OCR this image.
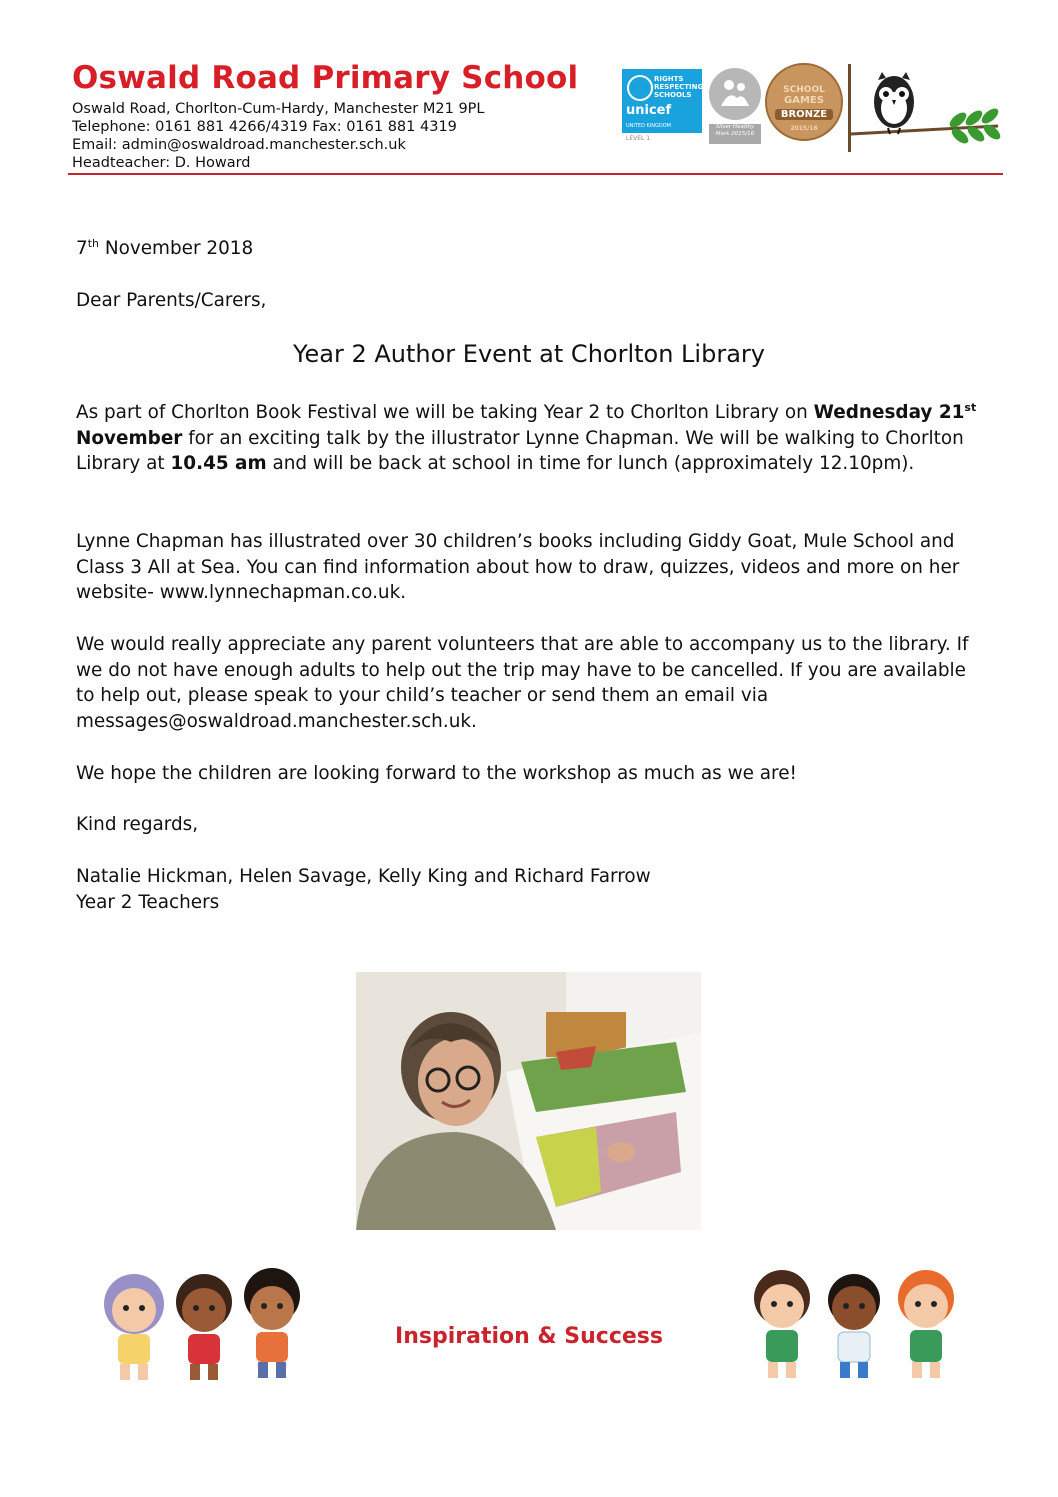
Oswald Road Primary School
Oswald Road, Chorlton-Cum-Hardy, Manchester M21 9PL
Telephone: 0161 881 4266/4319 Fax: 0161 881 4319
Email: admin@oswaldroad.manchester.sch.uk
Headteacher: D. Howard
RIGHTS RESPECTING SCHOOLS
unicef
UNITED KINGDOM
LEVEL 1
Silver Healthy Mark 2015/16
SCHOOL
GAMES
BRONZE
2015/16
7th November 2018
Dear Parents/Carers,
Year 2 Author Event at Chorlton Library
As part of Chorlton Book Festival we will be taking Year 2 to Chorlton Library on Wednesday 21st November for an exciting talk by the illustrator Lynne Chapman. We will be walking to Chorlton Library at 10.45 am and will be back at school in time for lunch (approximately 12.10pm).
Lynne Chapman has illustrated over 30 children’s books including Giddy Goat, Mule School and Class 3 All at Sea. You can find information about how to draw, quizzes, videos and more on her website- www.lynnechapman.co.uk.
We would really appreciate any parent volunteers that are able to accompany us to the library. If we do not have enough adults to help out the trip may have to be cancelled. If you are available to help out, please speak to your child’s teacher or send them an email via messages@oswaldroad.manchester.sch.uk.
We hope the children are looking forward to the workshop as much as we are!
Kind regards,
Natalie Hickman, Helen Savage, Kelly King and Richard Farrow
Year 2 Teachers
Inspiration & Success
